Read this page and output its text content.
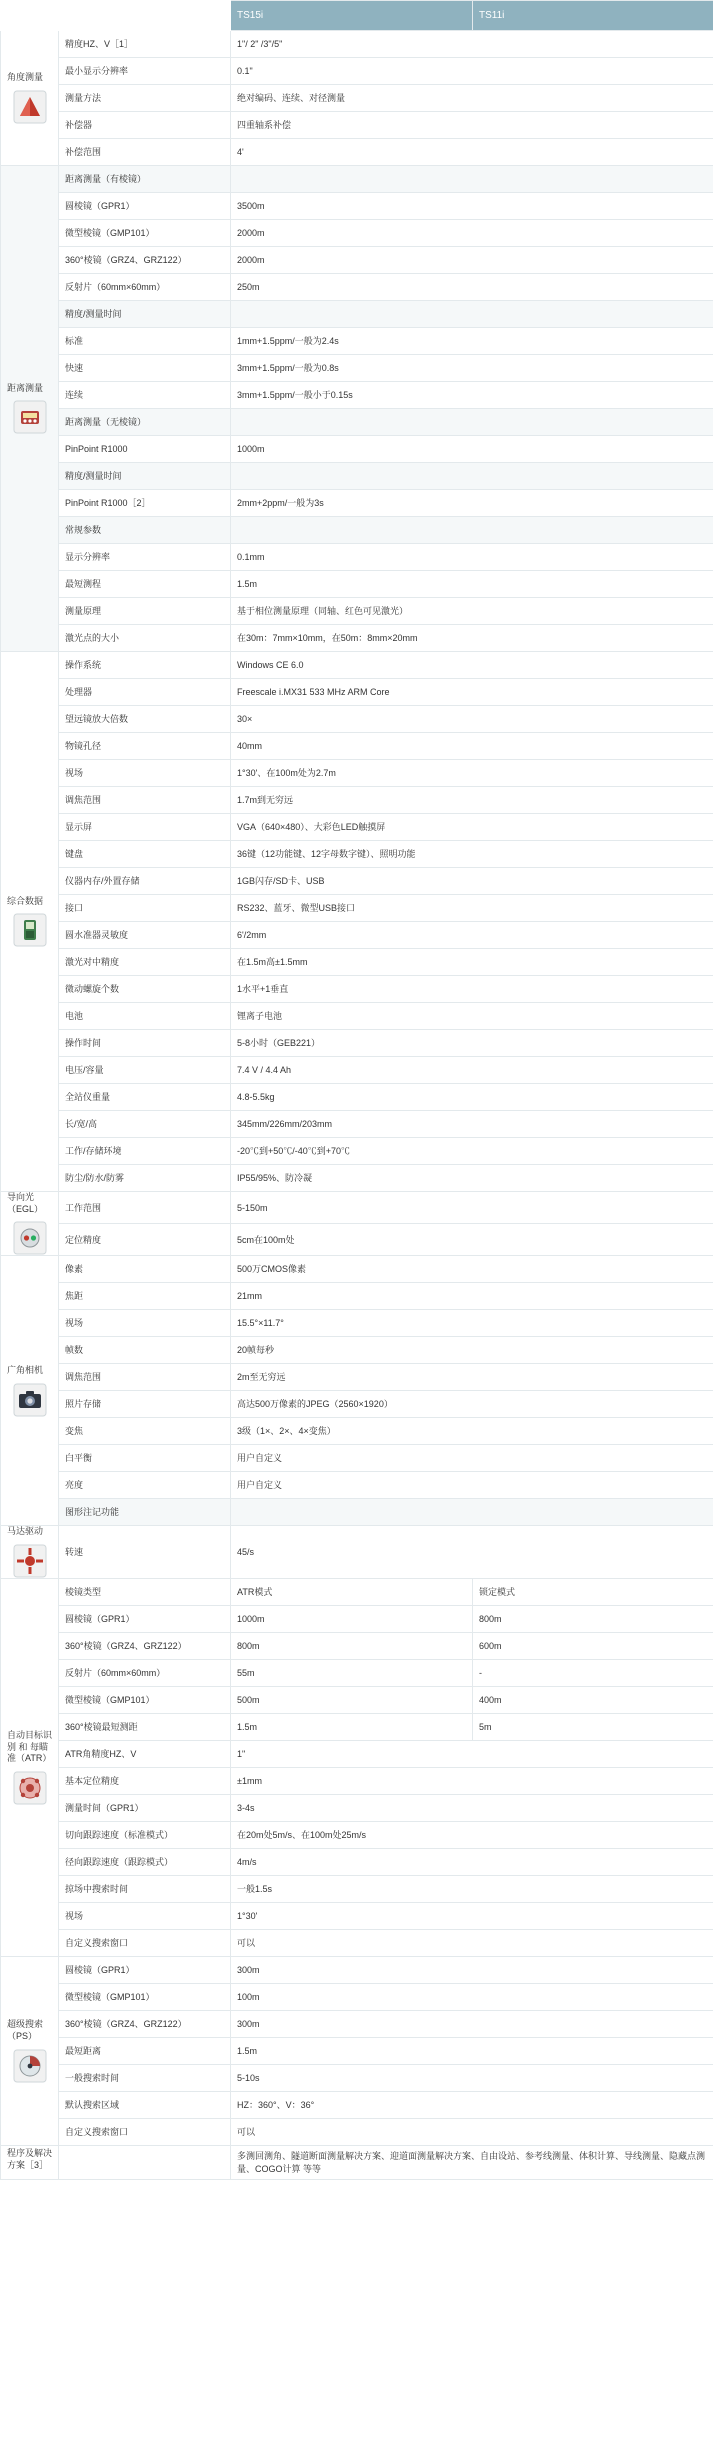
		TS15i	TS11i

角度测量	精度HZ、V［1］	1"/ 2" /3"/5"	
	最小显示分辨率	0.1"	
	测量方法	绝对编码、连续、对径测量	
	补偿器	四重轴系补偿	
	补偿范围	4'	

距离测量	距离测量（有棱镜）		
	圆棱镜（GPR1）	3500m	
	微型棱镜（GMP101）	2000m	
	360°棱镜（GRZ4、GRZ122）	2000m	
	反射片（60mm×60mm）	250m	
	精度/测量时间		
	标准	1mm+1.5ppm/一般为2.4s	
	快速	3mm+1.5ppm/一般为0.8s	
	连续	3mm+1.5ppm/一般小于0.15s	
	距离测量（无棱镜）		
	PinPoint R1000	1000m	
	精度/测量时间		
	PinPoint R1000［2］	2mm+2ppm/一般为3s	
	常规参数		
	显示分辨率	0.1mm	
	最短测程	1.5m	
	测量原理	基于相位测量原理（同轴、红色可见激光）	
	激光点的大小	在30m：7mm×10mm，在50m：8mm×20mm	

综合数据	操作系统	Windows CE 6.0	
	处理器	Freescale i.MX31 533 MHz ARM Core	
	望远镜放大倍数	30×	
	物镜孔径	40mm	
	视场	1°30'、在100m处为2.7m	
	调焦范围	1.7m到无穷远	
	显示屏	VGA（640×480）、大彩色LED触摸屏	
	键盘	36键（12功能键、12字母数字键）、照明功能	
	仪器内存/外置存储	1GB闪存/SD卡、USB	
	接口	RS232、蓝牙、微型USB接口	
	圆水准器灵敏度	6'/2mm	
	激光对中精度	在1.5m高±1.5mm	
	微动螺旋个数	1水平+1垂直	
	电池	锂离子电池	
	操作时间	5-8小时（GEB221）	
	电压/容量	7.4 V / 4.4 Ah	
	全站仪重量	4.8-5.5kg	
	长/宽/高	345mm/226mm/203mm	
	工作/存储环境	-20℃到+50℃/-40℃到+70℃	
	防尘/防水/防雾	IP55/95%、防冷凝	

导向光（EGL）	工作范围	5-150m	
	定位精度	5cm在100m处	

广角相机	像素	500万CMOS像素	
	焦距	21mm	
	视场	15.5°×11.7°	
	帧数	20帧每秒	
	调焦范围	2m至无穷远	
	照片存储	高达500万像素的JPEG（2560×1920）	
	变焦	3级（1×、2×、4×变焦）	
	白平衡	用户自定义	
	亮度	用户自定义	
	图形注记功能		

马达驱动	转速	45/s	

自动目标识别 和 每瞄准（ATR）	棱镜类型	ATR模式	锁定模式
	圆棱镜（GPR1）	1000m	800m
	360°棱镜（GRZ4、GRZ122）	800m	600m
	反射片（60mm×60mm）	55m	-
	微型棱镜（GMP101）	500m	400m
	360°棱镜最短测距	1.5m	5m
	ATR角精度HZ、V	1"	
	基本定位精度	±1mm	
	测量时间（GPR1）	3-4s	
	切向跟踪速度（标准模式）	在20m处5m/s、在100m处25m/s	
	径向跟踪速度（跟踪模式）	4m/s	
	掠场中搜索时间	一般1.5s	
	视场	1°30'	
	自定义搜索窗口	可以	

超级搜索（PS）	圆棱镜（GPR1）	300m	
	微型棱镜（GMP101）	100m	
	360°棱镜（GRZ4、GRZ122）	300m	
	最短距离	1.5m	
	一般搜索时间	5-10s	
	默认搜索区域	HZ：360°、V：36°	
	自定义搜索窗口	可以	

程序及解决方案［3］		多测回测角、隧道断面测量解决方案、迎道面测量解决方案、自由设站、参考线测量、体积计算、导线测量、隐藏点测量、COGO计算 等等	
